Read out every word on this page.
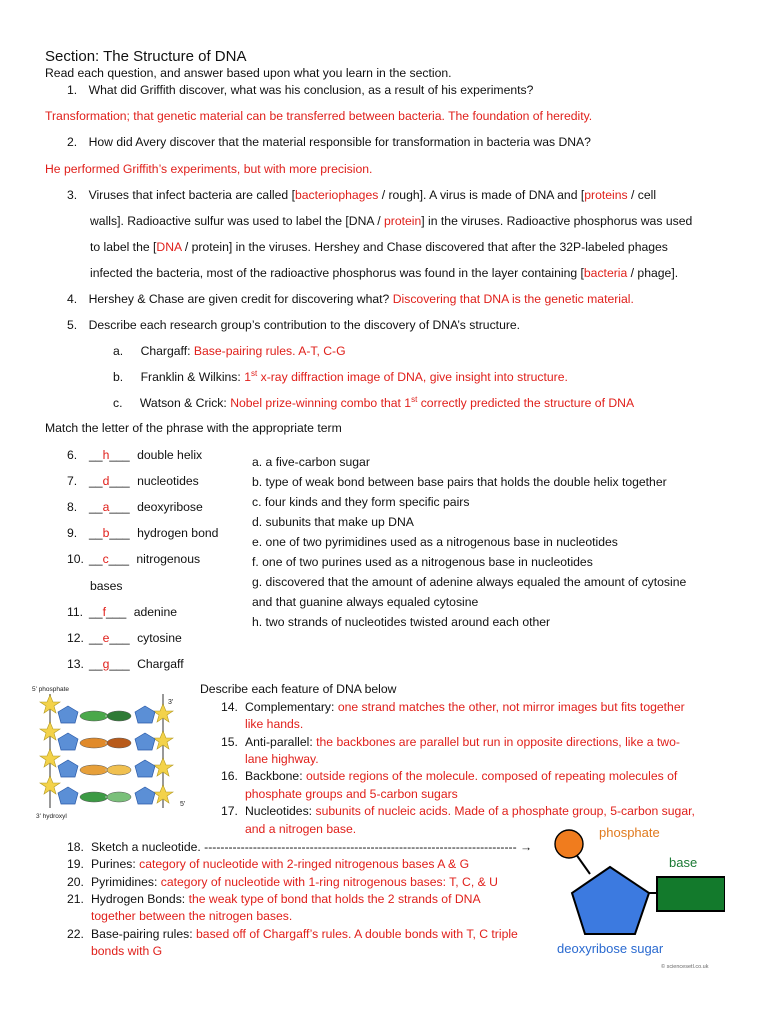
Section: The Structure of DNA
Read each question, and answer based upon what you learn in the section.
1. What did Griffith discover, what was his conclusion, as a result of his experiments?
Transformation; that genetic material can be transferred between bacteria. The foundation of heredity.
2. How did Avery discover that the material responsible for transformation in bacteria was DNA?
He performed Griffith’s experiments, but with more precision.
3. Viruses that infect bacteria are called [bacteriophages / rough]. A virus is made of DNA and [proteins / cell
walls]. Radioactive sulfur was used to label the [DNA / protein] in the viruses. Radioactive phosphorus was used
to label the [DNA / protein] in the viruses. Hershey and Chase discovered that after the 32P-labeled phages
infected the bacteria, most of the radioactive phosphorus was found in the layer containing [bacteria / phage].
4. Hershey & Chase are given credit for discovering what? Discovering that DNA is the genetic material.
5. Describe each research group’s contribution to the discovery of DNA’s structure.
a. Chargaff: Base-pairing rules. A-T, C-G
b. Franklin & Wilkins: 1st x-ray diffraction image of DNA, give insight into structure.
c. Watson & Crick: Nobel prize-winning combo that 1st correctly predicted the structure of DNA
Match the letter of the phrase with the appropriate term
6. __h___ double helix
7. __d___ nucleotides
8. __a___ deoxyribose
9. __b___ hydrogen bond
10. __c___ nitrogenous
bases
11. __f___ adenine
12. __e___ cytosine
13. __g___ Chargaff
a. a five-carbon sugar
b. type of weak bond between base pairs that holds the double helix together
c. four kinds and they form specific pairs
d. subunits that make up DNA
e. one of two pyrimidines used as a nitrogenous base in nucleotides
f. one of two purines used as a nitrogenous base in nucleotides
g. discovered that the amount of adenine always equaled the amount of cytosine
and that guanine always equaled cytosine
h. two strands of nucleotides twisted around each other
5' phosphate
3'
5'
3' hydroxyl
Describe each feature of DNA below
14. Complementary: one strand matches the other, not mirror images but fits together
like hands.
15. Anti-parallel: the backbones are parallel but run in opposite directions, like a two-
lane highway.
16. Backbone: outside regions of the molecule. composed of repeating molecules of
phosphate groups and 5-carbon sugars
17. Nucleotides: subunits of nucleic acids. Made of a phosphate group, 5-carbon sugar,
and a nitrogen base.
18. Sketch a nucleotide. ----------------------------------------------------------------------------- →
19. Purines: category of nucleotide with 2-ringed nitrogenous bases A & G
20. Pyrimidines: category of nucleotide with 1-ring nitrogenous bases: T, C, & U
21. Hydrogen Bonds: the weak type of bond that holds the 2 strands of DNA
together between the nitrogen bases.
22. Base-pairing rules: based off of Chargaff’s rules. A double bonds with T, C triple
bonds with G
phosphate
base
deoxyribose sugar
© sciencesetl.co.uk
